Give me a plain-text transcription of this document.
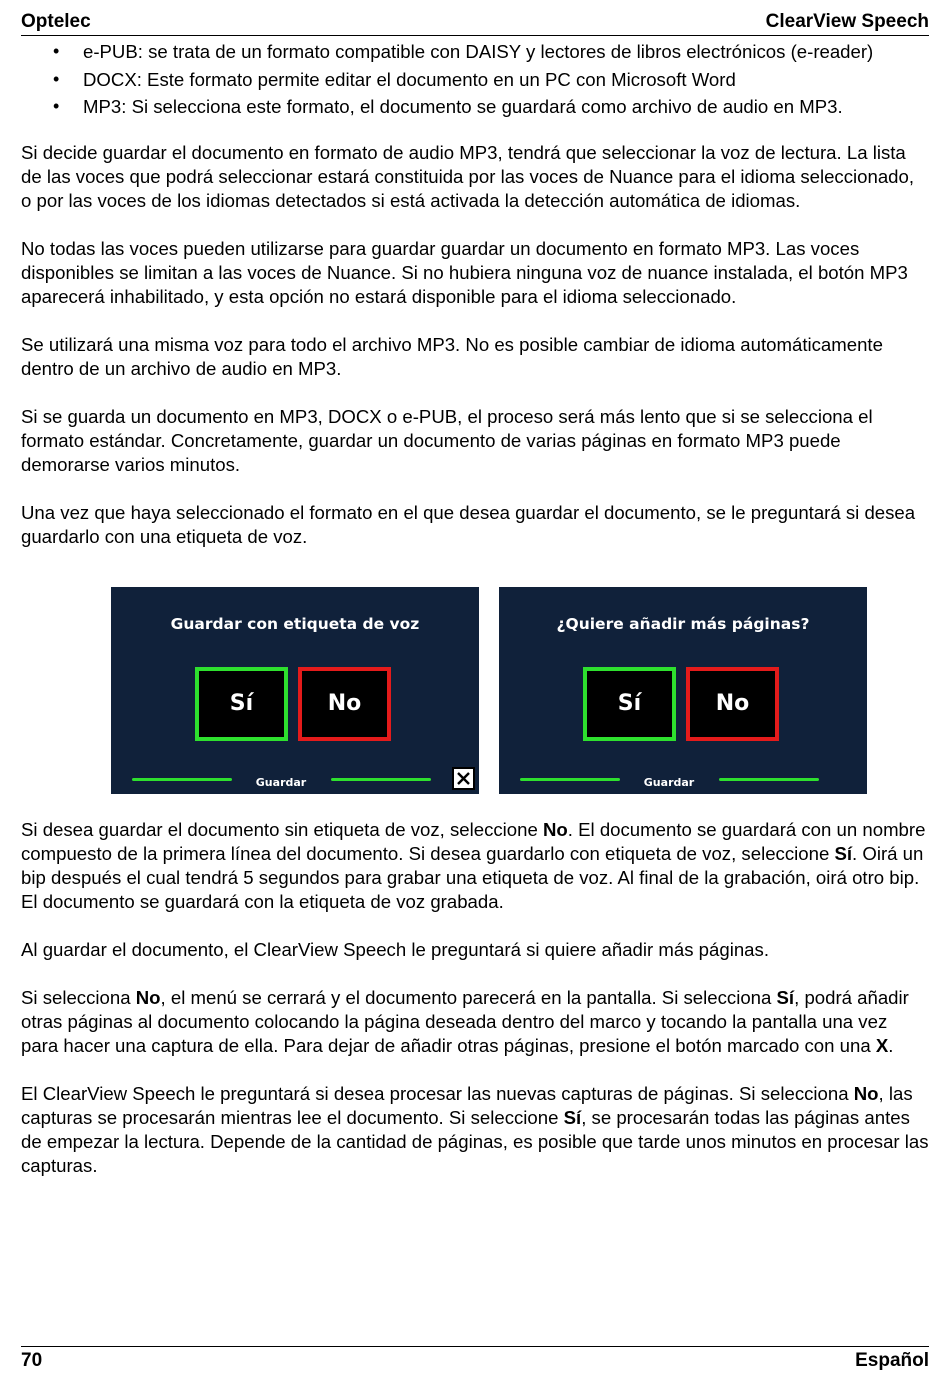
Optelec	ClearView Speech
• e-PUB: se trata de un formato compatible con DAISY y lectores de libros electrónicos (e-reader)
• DOCX: Este formato permite editar el documento en un PC con Microsoft Word
• MP3: Si selecciona este formato, el documento se guardará como archivo de audio en MP3.

Si decide guardar el documento en formato de audio MP3, tendrá que seleccionar la voz de lectura. La lista de las voces que podrá seleccionar estará constituida por las voces de Nuance para el idioma seleccionado, o por las voces de los idiomas detectados si está activada la detección automática de idiomas.

No todas las voces pueden utilizarse para guardar guardar un documento en formato MP3. Las voces disponibles se limitan a las voces de Nuance. Si no hubiera ninguna voz de nuance instalada, el botón MP3 aparecerá inhabilitado, y esta opción no estará disponible para el idioma seleccionado.

Se utilizará una misma voz para todo el archivo MP3. No es posible cambiar de idioma automáticamente dentro de un archivo de audio en MP3.

Si se guarda un documento en MP3, DOCX o e-PUB, el proceso será más lento que si se selecciona el formato estándar. Concretamente, guardar un documento de varias páginas en formato MP3 puede demorarse varios minutos.

Una vez que haya seleccionado el formato en el que desea guardar el documento, se le preguntará si desea guardarlo con una etiqueta de voz.

Guardar con etiqueta de voz
Sí	No
Guardar
¿Quiere añadir más páginas?
Sí	No
Guardar

Si desea guardar el documento sin etiqueta de voz, seleccione No. El documento se guardará con un nombre compuesto de la primera línea del documento. Si desea guardarlo con etiqueta de voz, seleccione Sí. Oirá un bip después el cual tendrá 5 segundos para grabar una etiqueta de voz. Al final de la grabación, oirá otro bip. El documento se guardará con la etiqueta de voz grabada.

Al guardar el documento, el ClearView Speech le preguntará si quiere añadir más páginas.

Si selecciona No, el menú se cerrará y el documento parecerá en la pantalla. Si selecciona Sí, podrá añadir otras páginas al documento colocando la página deseada dentro del marco y tocando la pantalla una vez para hacer una captura de ella. Para dejar de añadir otras páginas, presione el botón marcado con una X.

El ClearView Speech le preguntará si desea procesar las nuevas capturas de páginas. Si selecciona No, las capturas se procesarán mientras lee el documento. Si seleccione Sí, se procesarán todas las páginas antes de empezar la lectura. Depende de la cantidad de páginas, es posible que tarde unos minutos en procesar las capturas.

70	Español
